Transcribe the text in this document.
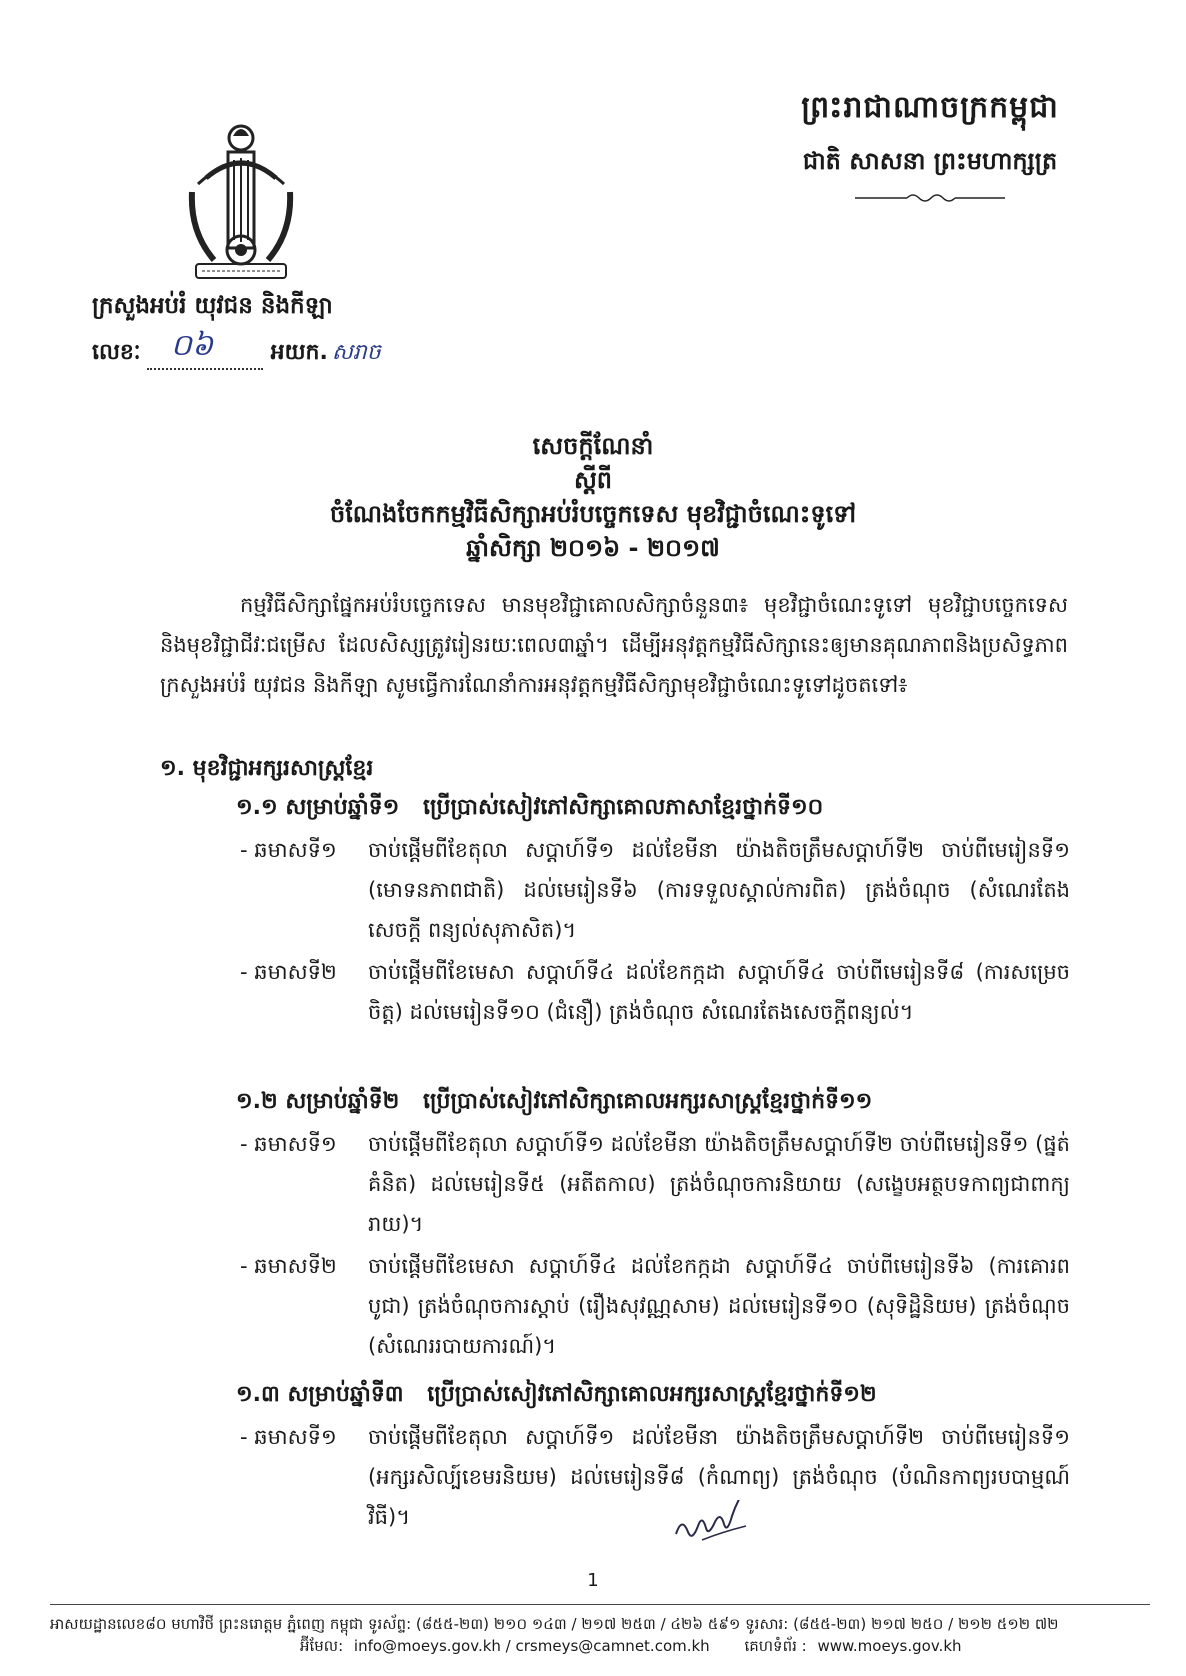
ព្រះរាជាណាចក្រកម្ពុជា
ជាតិ សាសនា ព្រះមហាក្សត្រ
ក្រសួងអប់រំ យុវជន និងកីឡា
លេខៈ ០៦	អយក. សរាច
សេចក្តីណែនាំ
ស្តីពី
ចំណែងចែកកម្មវិធីសិក្សាអប់រំបច្ចេកទេស មុខវិជ្ជាចំណេះទូទៅ
ឆ្នាំសិក្សា ២០១៦ - ២០១៧

កម្មវិធីសិក្សាផ្នែកអប់រំបច្ចេកទេស មានមុខវិជ្ជាគោលសិក្សាចំនួន៣៖ មុខវិជ្ជាចំណេះទូទៅ មុខវិជ្ជាបច្ចេកទេស និងមុខវិជ្ជាជីវៈជម្រើស ដែលសិស្សត្រូវរៀនរយៈពេល៣ឆ្នាំ។ ដើម្បីអនុវត្តកម្មវិធីសិក្សានេះឲ្យមានគុណភាពនិងប្រសិទ្ធភាព ក្រសួងអប់រំ យុវជន និងកីឡា សូមធ្វើការណែនាំការអនុវត្តកម្មវិធីសិក្សាមុខវិជ្ជាចំណេះទូទៅដូចតទៅ៖

១. មុខវិជ្ជាអក្សរសាស្ត្រខ្មែរ
១.១ សម្រាប់ឆ្នាំទី១ ប្រើប្រាស់សៀវភៅសិក្សាគោលភាសាខ្មែរថ្នាក់ទី១០
- ឆមាសទី១	ចាប់ផ្តើមពីខែតុលា សប្តាហ៍ទី១ ដល់ខែមីនា យ៉ាងតិចត្រឹមសប្តាហ៍ទី២ ចាប់ពីមេរៀនទី១ (មោទនភាពជាតិ) ដល់មេរៀនទី៦ (ការទទួលស្គាល់ការពិត) ត្រង់ចំណុច (សំណេរតែងសេចក្តី ពន្យល់សុភាសិត)។
- ឆមាសទី២	ចាប់ផ្តើមពីខែមេសា សប្តាហ៍ទី៤ ដល់ខែកក្កដា សប្តាហ៍ទី៤ ចាប់ពីមេរៀនទី៨ (ការសម្រេចចិត្ត) ដល់មេរៀនទី១០ (ជំនឿ) ត្រង់ចំណុច សំណេរតែងសេចក្តីពន្យល់។
១.២ សម្រាប់ឆ្នាំទី២ ប្រើប្រាស់សៀវភៅសិក្សាគោលអក្សរសាស្ត្រខ្មែរថ្នាក់ទី១១
- ឆមាសទី១	ចាប់ផ្តើមពីខែតុលា សប្តាហ៍ទី១ ដល់ខែមីនា យ៉ាងតិចត្រឹមសប្តាហ៍ទី២ ចាប់ពីមេរៀនទី១ (ផ្នត់គំនិត) ដល់មេរៀនទី៥ (អតីតកាល) ត្រង់ចំណុចការនិយាយ (សង្ខេបអត្ថបទកាព្យជាពាក្យរាយ)។
- ឆមាសទី២	ចាប់ផ្តើមពីខែមេសា សប្តាហ៍ទី៤ ដល់ខែកក្កដា សប្តាហ៍ទី៤ ចាប់ពីមេរៀនទី៦ (ការគោរពបូជា) ត្រង់ចំណុចការស្តាប់ (រឿងសុវណ្ណសាម) ដល់មេរៀនទី១០ (សុទិដ្ឋិនិយម) ត្រង់ចំណុច (សំណេររបាយការណ៍)។
១.៣ សម្រាប់ឆ្នាំទី៣ ប្រើប្រាស់សៀវភៅសិក្សាគោលអក្សរសាស្ត្រខ្មែរថ្នាក់ទី១២
- ឆមាសទី១	ចាប់ផ្តើមពីខែតុលា សប្តាហ៍ទី១ ដល់ខែមីនា យ៉ាងតិចត្រឹមសប្តាហ៍ទី២ ចាប់ពីមេរៀនទី១ (អក្សរសិល្ប៍ខេមរនិយម) ដល់មេរៀនទី៨ (កំណាព្យ) ត្រង់ចំណុច (បំណិនកាព្យរបបាម្មណ៍វិធី)។
1
អាសយដ្ឋានលេខ៨០ មហាវិថី ព្រះនរោត្តម ភ្នំពេញ កម្ពុជា ទូរស័ព្ទ: (៨៥៥-២៣) ២១០ ១៤៣ / ២១៧ ២៥៣ / ៤២៦ ៥៩១ ទូរសារ: (៨៥៥-២៣) ២១៧ ២៥០ / ២១២ ៥១២ ៧២
អ៊ីមែល: info@moeys.gov.kh / crsmeys@camnet.com.kh គេហទំព័រ : www.moeys.gov.kh
